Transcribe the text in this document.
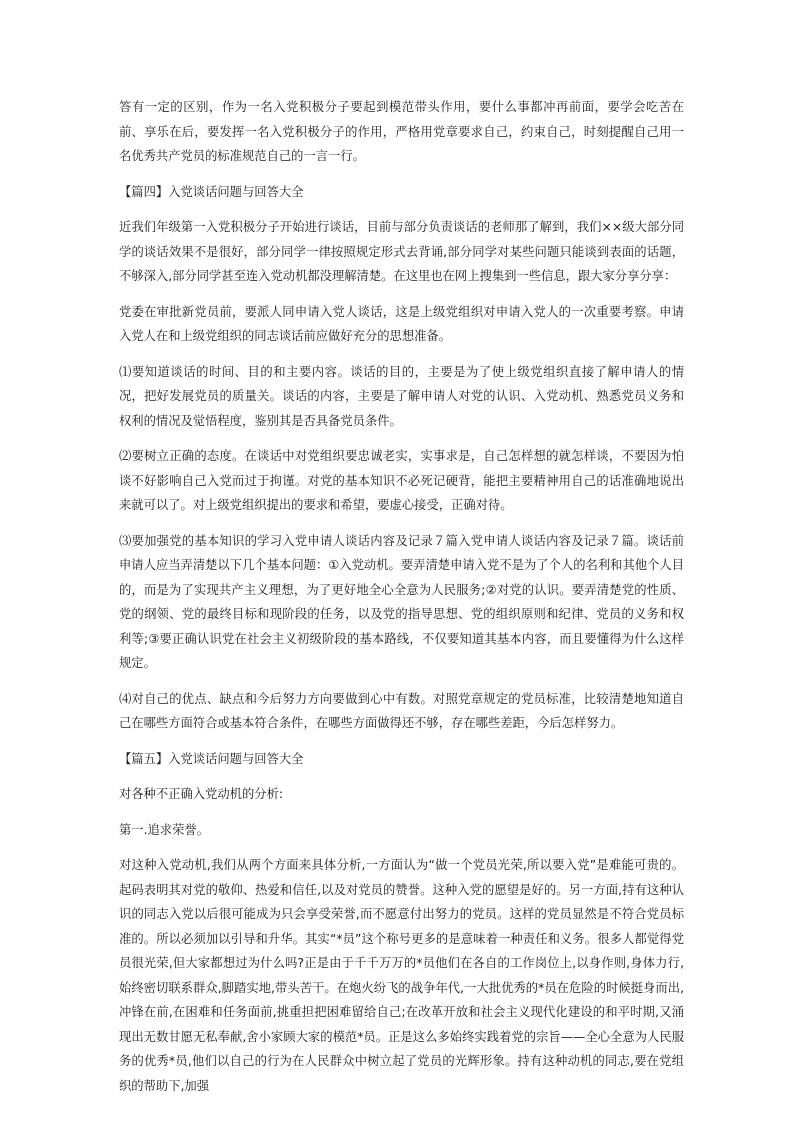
答有一定的区别，作为一名入党积极分子要起到模范带头作用，要什么事都冲再前面，要学会吃苦在前、享乐在后，要发挥一名入党积极分子的作用，严格用党章要求自己，约束自己，时刻提醒自己用一名优秀共产党员的标准规范自己的一言一行。

【篇四】入党谈话问题与回答大全

近我们年级第一入党积极分子开始进行谈话，目前与部分负责谈话的老师那了解到，我们××级大部分同学的谈话效果不是很好，部分同学一律按照规定形式去背诵,部分同学对某些问题只能谈到表面的话题，不够深入,部分同学甚至连入党动机都没理解清楚。在这里也在网上搜集到一些信息，跟大家分享分享：

党委在审批新党员前，要派人同申请入党人谈话，这是上级党组织对申请入党人的一次重要考察。申请入党人在和上级党组织的同志谈话前应做好充分的思想准备。

⑴要知道谈话的时间、目的和主要内容。谈话的目的，主要是为了使上级党组织直接了解申请人的情况，把好发展党员的质量关。谈话的内容，主要是了解申请人对党的认识、入党动机、熟悉党员义务和权利的情况及觉悟程度，鉴别其是否具备党员条件。

⑵要树立正确的态度。在谈话中对党组织要忠诚老实，实事求是，自己怎样想的就怎样谈，不要因为怕谈不好影响自己入党而过于拘谨。对党的基本知识不必死记硬背，能把主要精神用自己的话准确地说出来就可以了。对上级党组织提出的要求和希望，要虚心接受，正确对待。

⑶要加强党的基本知识的学习入党申请人谈话内容及记录７篇入党申请人谈话内容及记录７篇。谈话前申请人应当弄清楚以下几个基本问题：①入党动机。要弄清楚申请入党不是为了个人的名利和其他个人目的，而是为了实现共产主义理想，为了更好地全心全意为人民服务;②对党的认识。要弄清楚党的性质、党的纲领、党的最终目标和现阶段的任务，以及党的指导思想、党的组织原则和纪律、党员的义务和权利等;③要正确认识党在社会主义初级阶段的基本路线，不仅要知道其基本内容，而且要懂得为什么这样规定。

⑷对自己的优点、缺点和今后努力方向要做到心中有数。对照党章规定的党员标准，比较清楚地知道自己在哪些方面符合或基本符合条件，在哪些方面做得还不够，存在哪些差距，今后怎样努力。

【篇五】入党谈话问题与回答大全

对各种不正确入党动机的分析:

第一.追求荣誉。

对这种入党动机,我们从两个方面来具体分析,一方面认为“做一个党员光荣,所以要入党”是难能可贵的。起码表明其对党的敬仰、热爱和信任,以及对党员的赞誉。这种入党的愿望是好的。另一方面,持有这种认识的同志入党以后很可能成为只会享受荣誉,而不愿意付出努力的党员。这样的党员显然是不符合党员标准的。所以必须加以引导和升华。其实“*员”这个称号更多的是意味着一种责任和义务。很多人都觉得党员很光荣,但大家都想过为什么吗?正是由于千千万万的*员他们在各自的工作岗位上,以身作则,身体力行,始终密切联系群众,脚踏实地,带头苦干。在炮火纷飞的战争年代,一大批优秀的*员在危险的时候挺身而出,冲锋在前,在困难和任务面前,挑重担把困难留给自己;在改革开放和社会主义现代化建设的和平时期,又涌现出无数甘愿无私奉献,舍小家顾大家的模范*员。正是这么多始终实践着党的宗旨——全心全意为人民服务的优秀*员,他们以自己的行为在人民群众中树立起了党员的光辉形象。持有这种动机的同志,要在党组织的帮助下,加强
